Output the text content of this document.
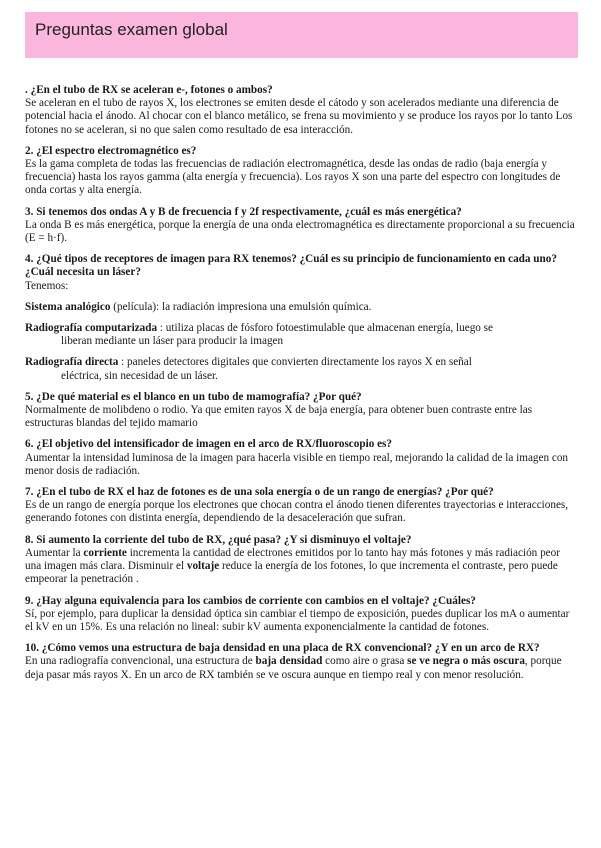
Preguntas examen global

. ¿En el tubo de RX se aceleran e-, fotones o ambos?

Se aceleran en el tubo de rayos X, los electrones se emiten desde el cátodo y son acelerados mediante una diferencia de potencial hacia el ánodo. Al chocar con el blanco metálico, se frena su movimiento y se produce los rayos por lo tanto Los fotones no se aceleran, si no que salen como resultado de esa interacción.

2. ¿El espectro electromagnético es?

Es la gama completa de todas las frecuencias de radiación electromagnética, desde las ondas de radio (baja energía y frecuencia) hasta los rayos gamma (alta energía y frecuencia). Los rayos X son una parte del espectro con longitudes de onda cortas y alta energía.

3. Si tenemos dos ondas A y B de frecuencia f y 2f respectivamente, ¿cuál es más energética?

La onda B es más energética, porque la energía de una onda electromagnética es directamente proporcional a su frecuencia (E = h·f).

4. ¿Qué tipos de receptores de imagen para RX tenemos? ¿Cuál es su principio de funcionamiento en cada uno? ¿Cuál necesita un láser?

Tenemos:

Sistema analógico (película): la radiación impresiona una emulsión química.

Radiografía computarizada : utiliza placas de fósforo fotoestimulable que almacenan energía, luego se
liberan mediante un láser para producir la imagen

Radiografía directa : paneles detectores digitales que convierten directamente los rayos X en señal
eléctrica, sin necesidad de un láser.

5. ¿De qué material es el blanco en un tubo de mamografía? ¿Por qué?

Normalmente de molibdeno o rodio. Ya que emiten rayos X de baja energía, para obtener buen contraste entre las estructuras blandas del tejido mamario

6. ¿El objetivo del intensificador de imagen en el arco de RX/fluoroscopio es?

Aumentar la intensidad luminosa de la imagen para hacerla visible en tiempo real, mejorando la calidad de la imagen con menor dosis de radiación.

7. ¿En el tubo de RX el haz de fotones es de una sola energía o de un rango de energías? ¿Por qué?

Es de un rango de energía porque los electrones que chocan contra el ánodo tienen diferentes trayectorias e interacciones, generando fotones con distinta energía, dependiendo de la desaceleración que sufran.

8. Si aumento la corriente del tubo de RX, ¿qué pasa? ¿Y si disminuyo el voltaje?

Aumentar la corriente incrementa la cantidad de electrones emitidos por lo tanto hay más fotones y más radiación peor una imagen más clara. Disminuir el voltaje reduce la energía de los fotones, lo que incrementa el contraste, pero puede empeorar la penetración .

9. ¿Hay alguna equivalencia para los cambios de corriente con cambios en el voltaje? ¿Cuáles?

Sí, por ejemplo, para duplicar la densidad óptica sin cambiar el tiempo de exposición, puedes duplicar los mA o aumentar el kV en un 15%. Es una relación no lineal: subir kV aumenta exponencialmente la cantidad de fotones.

10. ¿Cómo vemos una estructura de baja densidad en una placa de RX convencional? ¿Y en un arco de RX?

En una radiografía convencional, una estructura de baja densidad como aire o grasa se ve negra o más oscura, porque deja pasar más rayos X. En un arco de RX también se ve oscura aunque en tiempo real y con menor resolución.
